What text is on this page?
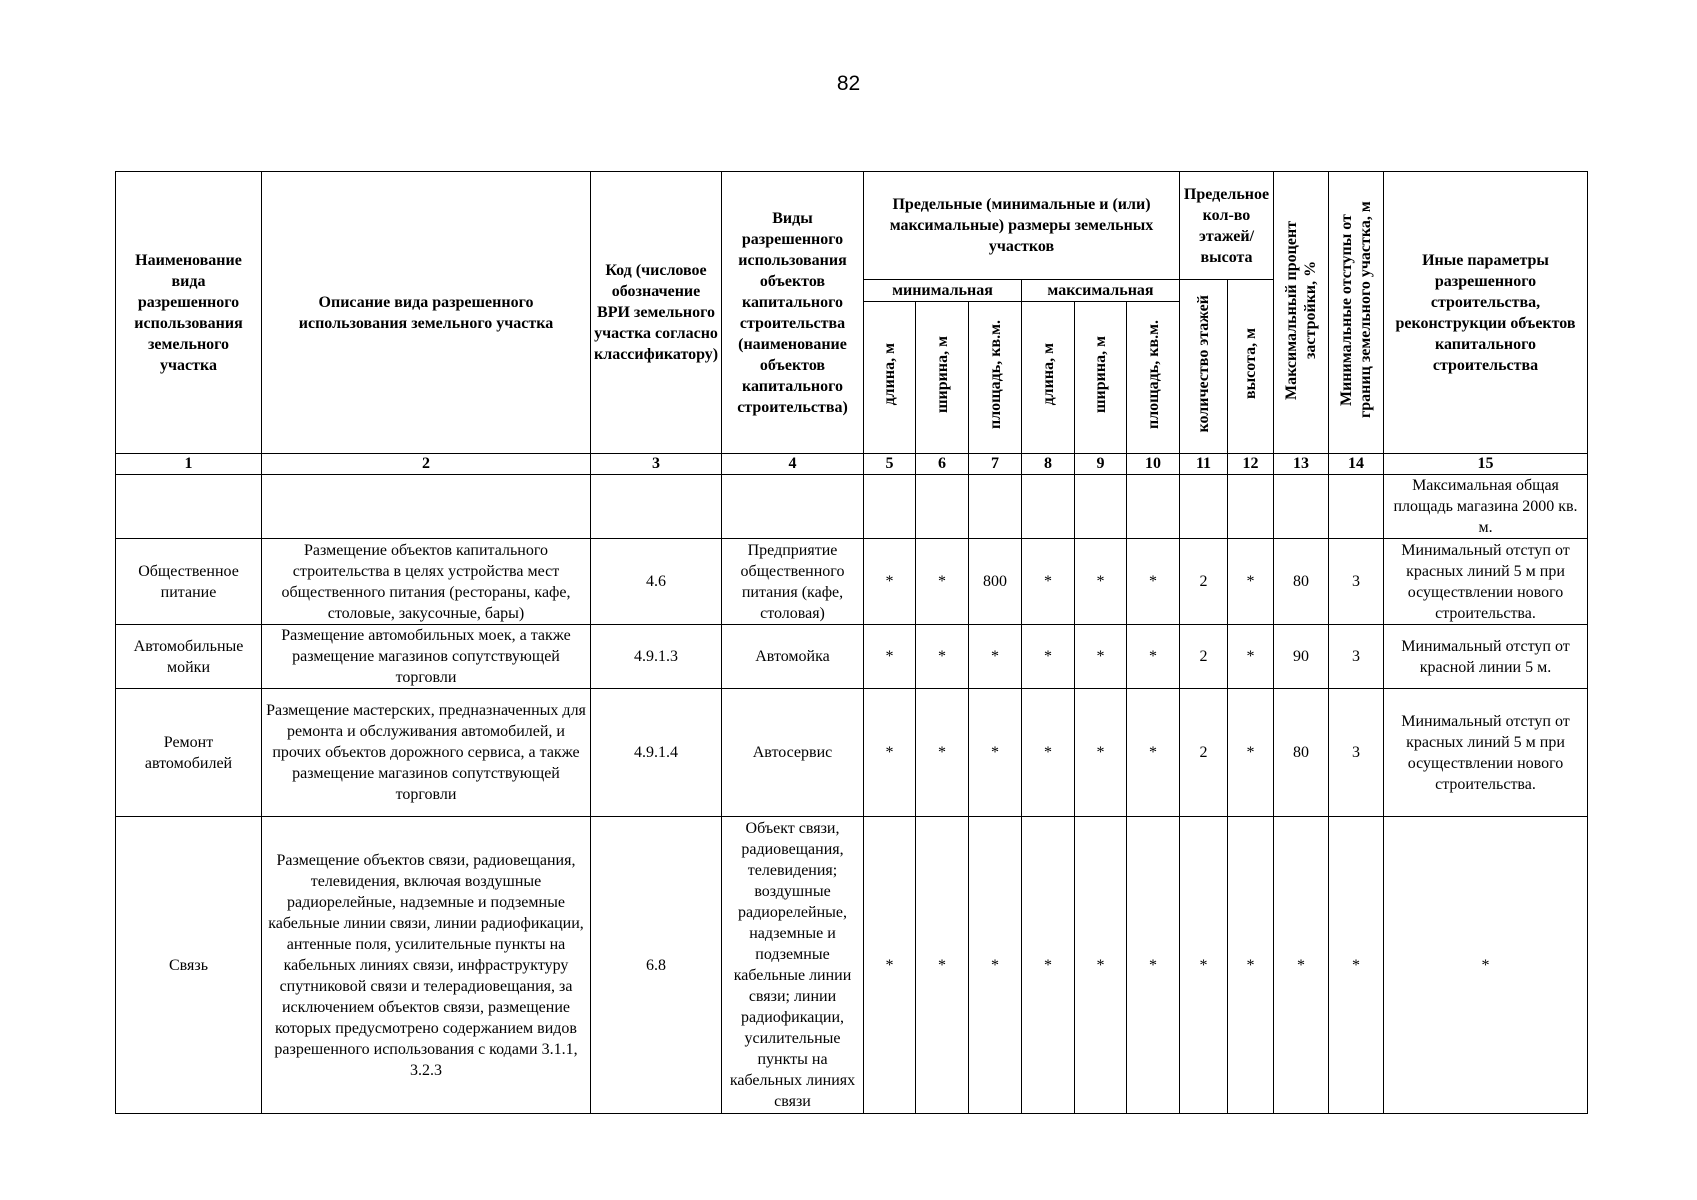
82
Наименование вида разрешенного использования земельного участка	Описание вида разрешенного использования земельного участка	Код (числовое обозначение ВРИ земельного участка согласно классификатору)	Виды разрешенного использования объектов капитального строительства (наименование объектов капитального строительства)	Предельные (минимальные и (или) максимальные) размеры земельных участков						Предельное кол-во этажей/ высота		Максимальный процент застройки, %	Минимальные отступы от границ земельного участка, м	Иные параметры разрешенного строительства, реконструкции объектов капитального строительства
				минимальная			максимальная			количество этажей	высота, м			
				длина, м	ширина, м	площадь, кв.м.	длина, м	ширина, м	площадь, кв.м.					
1	2	3	4	5	6	7	8	9	10	11	12	13	14	15
														Максимальная общая площадь магазина 2000 кв. м.
Общественное питание	Размещение объектов капитального строительства в целях устройства мест общественного питания (рестораны, кафе, столовые, закусочные, бары)	4.6	Предприятие общественного питания (кафе, столовая)	*	*	800	*	*	*	2	*	80	3	Минимальный отступ от красных линий 5 м при осуществлении нового строительства.
Автомобильные мойки	Размещение автомобильных моек, а также размещение магазинов сопутствующей торговли	4.9.1.3	Автомойка	*	*	*	*	*	*	2	*	90	3	Минимальный отступ от красной линии 5 м.
Ремонт автомобилей	Размещение мастерских, предназначенных для ремонта и обслуживания автомобилей, и прочих объектов дорожного сервиса, а также размещение магазинов сопутствующей торговли	4.9.1.4	Автосервис	*	*	*	*	*	*	2	*	80	3	Минимальный отступ от красных линий 5 м при осуществлении нового строительства.
Связь	Размещение объектов связи, радиовещания, телевидения, включая воздушные радиорелейные, надземные и подземные кабельные линии связи, линии радиофикации, антенные поля, усилительные пункты на кабельных линиях связи, инфраструктуру спутниковой связи и телерадиовещания, за исключением объектов связи, размещение которых предусмотрено содержанием видов разрешенного использования с кодами 3.1.1, 3.2.3	6.8	Объект связи, радиовещания, телевидения; воздушные радиорелейные, надземные и подземные кабельные линии связи; линии радиофикации, усилительные пункты на кабельных линиях связи	*	*	*	*	*	*	*	*	*	*	*
